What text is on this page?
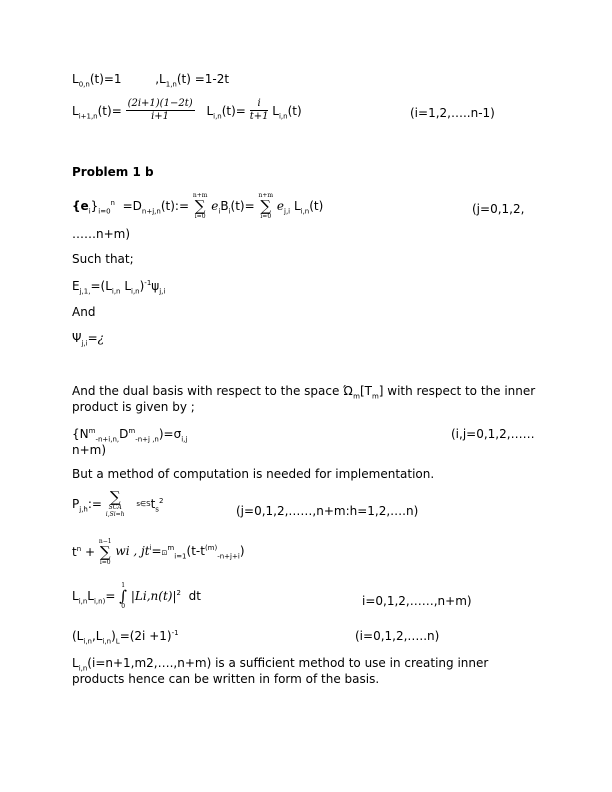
$L_{0,n}(t)=1$	$,L_{1,n}(t) =1-2t$
$L_{i+1,n}(t)= \frac{(2i+1)(1-2t)}{i+1} L_{i,n}(t)= \frac{i}{t+1} L_{i,n}(t)$	(i=1,2,…..n-1)
Problem 1 b
$\{e_i\}_{i=0}^n$ $=D_{n+j,n}(t):=$
n+m
∑
i=0
$e_iB_i(t)=$
n+m
∑
i=0
$e_{j,i}$ $L_{i,n}(t)$	(j=0,1,2,
……n+m)
Such that;
$E_{j,1,}=(L_{i,n}$ $L_{i,n})^{-1}\psi_{j,i}$
And
$\Psi_{j,i}=¿$
And the dual basis with respect to the space $Ώ_m[T_m]$ with respect to the inner product is given by ;
$\{N^m_{-n+i,n,}D^m_{-n+j ,n})=\sigma_{i,j}$	(i,j=0,1,2,……
n+m)
But a method of computation is needed for implementation.
$P_{j,h}:=$ ∑
SCA
i,Si=h
$s\in St_s^2$
(j=0,1,2,……,n+m:h=1,2,….n)
$t^n$ +
n−1
∑
i=0
wi , $jt^i=⊡^m_{i=1}(t-t^{(m)}_{-n+j+i})$
$L_{i,n}L_{i,n)}=$
1
∫
0
$|Li,n(t)|^2$ dt	i=0,1,2,……,n+m)
$(L_{i,n},L_{i,n})_L=(2i +1)^{-1}$	(i=0,1,2,…..n)
$L_{i,n}(i=n+1,m2,\dots.,n+m)$ is a sufficient method to use in creating inner products hence can be written in form of the basis.
